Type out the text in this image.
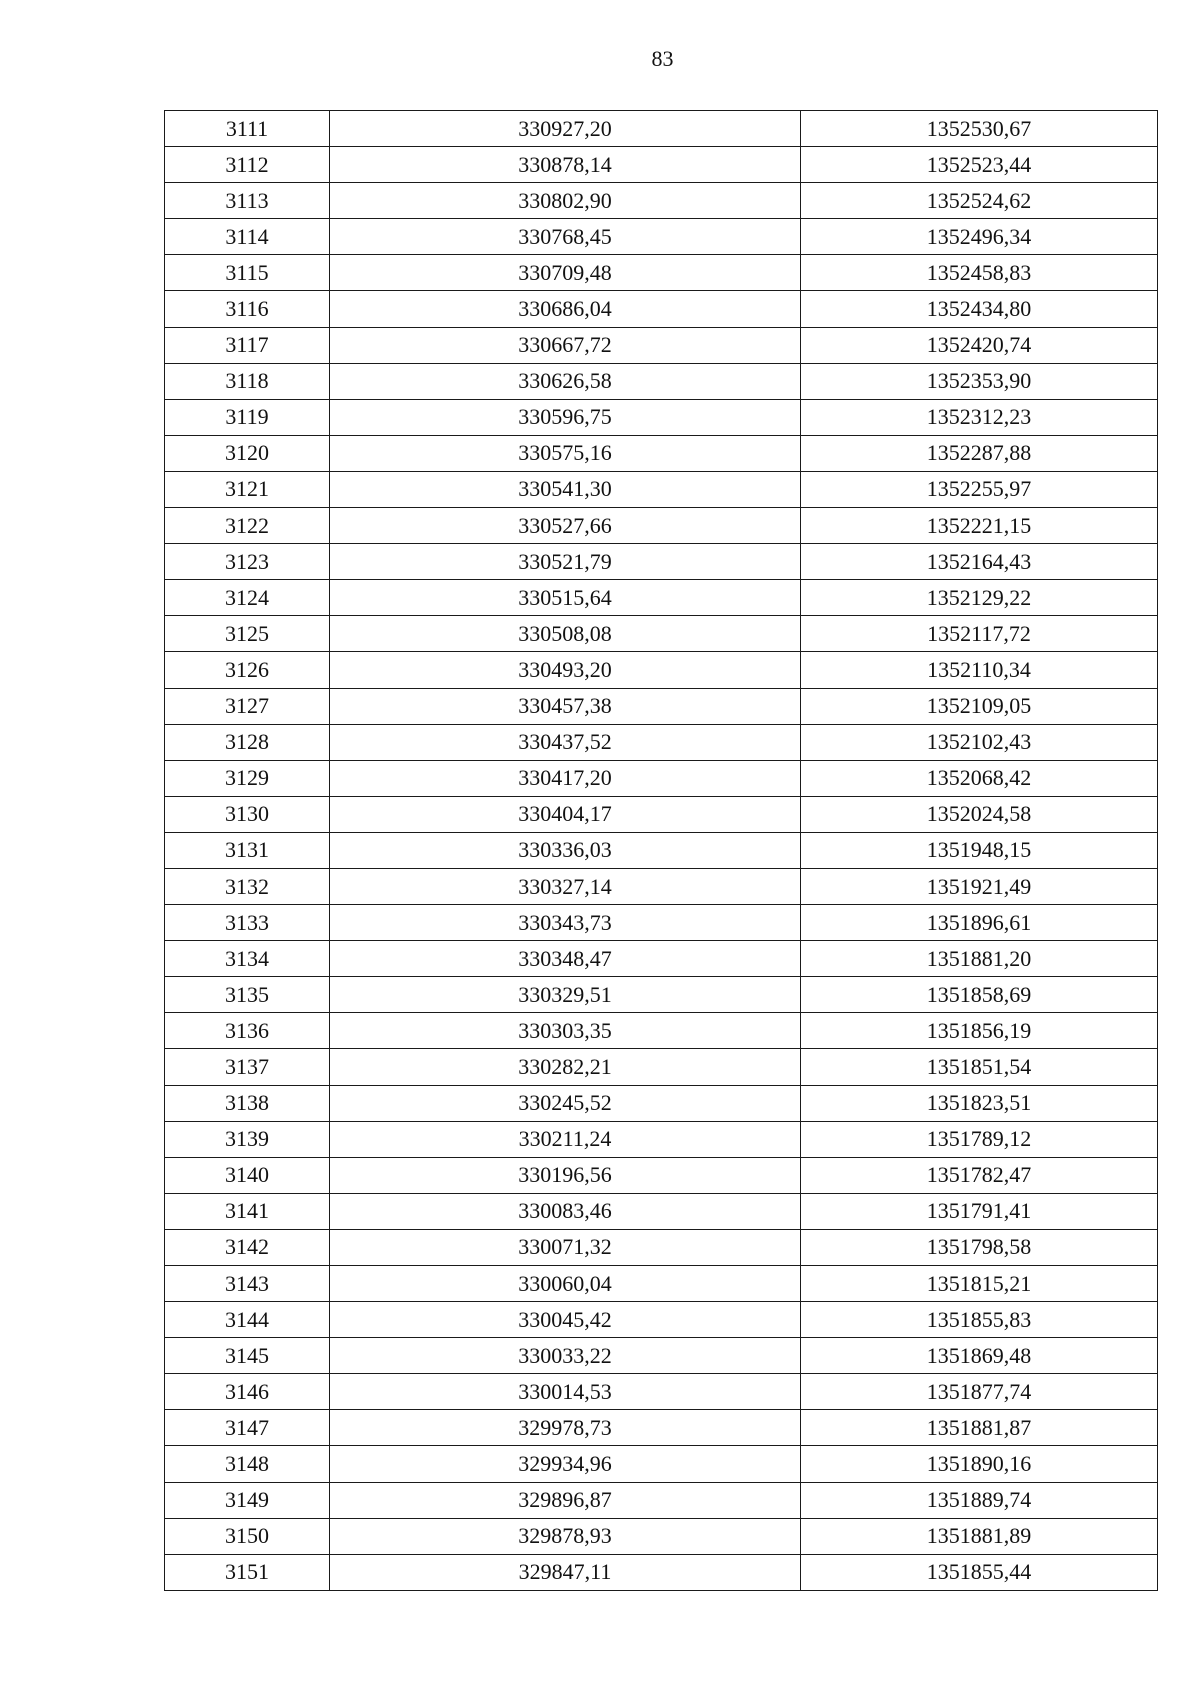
83
3111	330927,20	1352530,67
3112	330878,14	1352523,44
3113	330802,90	1352524,62
3114	330768,45	1352496,34
3115	330709,48	1352458,83
3116	330686,04	1352434,80
3117	330667,72	1352420,74
3118	330626,58	1352353,90
3119	330596,75	1352312,23
3120	330575,16	1352287,88
3121	330541,30	1352255,97
3122	330527,66	1352221,15
3123	330521,79	1352164,43
3124	330515,64	1352129,22
3125	330508,08	1352117,72
3126	330493,20	1352110,34
3127	330457,38	1352109,05
3128	330437,52	1352102,43
3129	330417,20	1352068,42
3130	330404,17	1352024,58
3131	330336,03	1351948,15
3132	330327,14	1351921,49
3133	330343,73	1351896,61
3134	330348,47	1351881,20
3135	330329,51	1351858,69
3136	330303,35	1351856,19
3137	330282,21	1351851,54
3138	330245,52	1351823,51
3139	330211,24	1351789,12
3140	330196,56	1351782,47
3141	330083,46	1351791,41
3142	330071,32	1351798,58
3143	330060,04	1351815,21
3144	330045,42	1351855,83
3145	330033,22	1351869,48
3146	330014,53	1351877,74
3147	329978,73	1351881,87
3148	329934,96	1351890,16
3149	329896,87	1351889,74
3150	329878,93	1351881,89
3151	329847,11	1351855,44
